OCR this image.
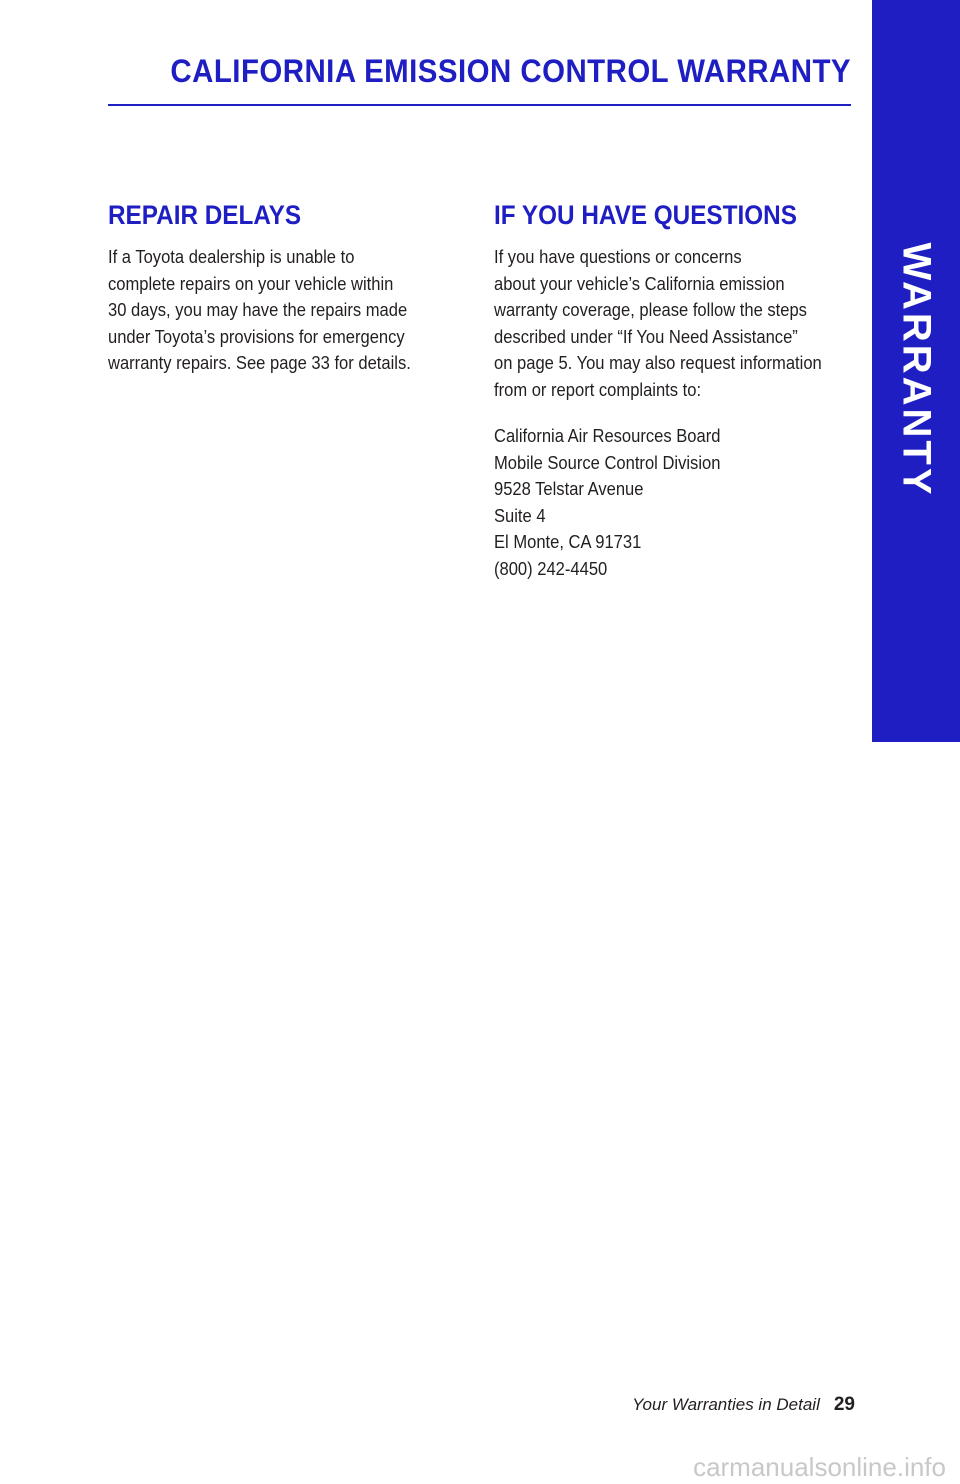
WARRANTY
CALIFORNIA EMISSION CONTROL WARRANTY
REPAIR DELAYS

If a Toyota dealership is unable to
complete repairs on your vehicle within
30 days, you may have the repairs made
under Toyota’s provisions for emergency
warranty repairs. See page 33 for details.

IF YOU HAVE QUESTIONS

If you have questions or concerns
about your vehicle’s California emission
warranty coverage, please follow the steps
described under “If You Need Assistance”
on page 5. You may also request information
from or report complaints to:

California Air Resources Board
Mobile Source Control Division
9528 Telstar Avenue
Suite 4
El Monte, CA 91731
(800) 242-4450

Your Warranties in Detail 29
carmanualsonline.info
